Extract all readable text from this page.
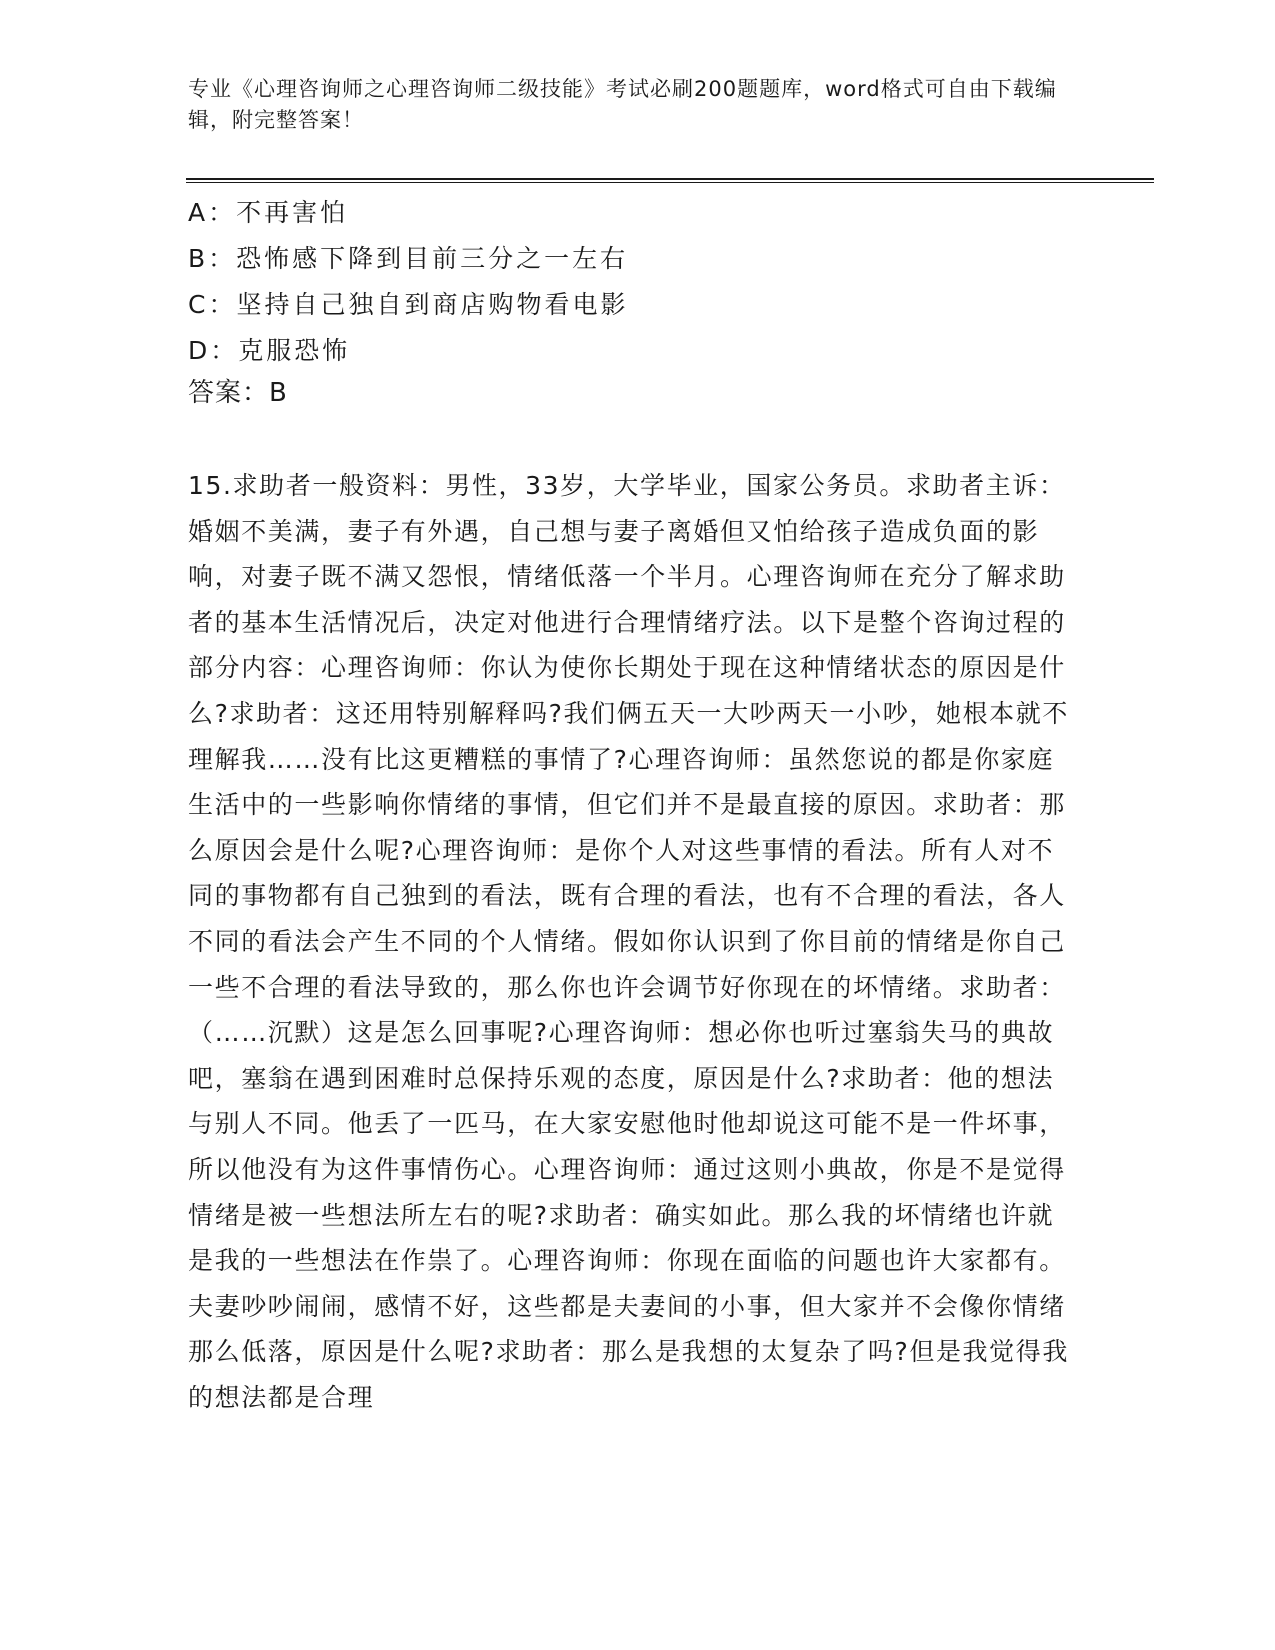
专业《心理咨询师之心理咨询师二级技能》考试必刷200题题库，word格式可自由下载编辑，附完整答案！
A：不再害怕
B：恐怖感下降到目前三分之一左右
C：坚持自己独自到商店购物看电影
D：克服恐怖
答案：B
15.求助者一般资料：男性，33岁，大学毕业，国家公务员。求助者主诉：婚姻不美满，妻子有外遇，自己想与妻子离婚但又怕给孩子造成负面的影响，对妻子既不满又怨恨，情绪低落一个半月。心理咨询师在充分了解求助者的基本生活情况后，决定对他进行合理情绪疗法。以下是整个咨询过程的部分内容：心理咨询师：你认为使你长期处于现在这种情绪状态的原因是什么?求助者：这还用特别解释吗?我们俩五天一大吵两天一小吵，她根本就不理解我……没有比这更糟糕的事情了?心理咨询师：虽然您说的都是你家庭生活中的一些影响你情绪的事情，但它们并不是最直接的原因。求助者：那么原因会是什么呢?心理咨询师：是你个人对这些事情的看法。所有人对不同的事物都有自己独到的看法，既有合理的看法，也有不合理的看法，各人不同的看法会产生不同的个人情绪。假如你认识到了你目前的情绪是你自己一些不合理的看法导致的，那么你也许会调节好你现在的坏情绪。求助者：（……沉默）这是怎么回事呢?心理咨询师：想必你也听过塞翁失马的典故吧，塞翁在遇到困难时总保持乐观的态度，原因是什么?求助者：他的想法与别人不同。他丢了一匹马，在大家安慰他时他却说这可能不是一件坏事，所以他没有为这件事情伤心。心理咨询师：通过这则小典故，你是不是觉得情绪是被一些想法所左右的呢?求助者：确实如此。那么我的坏情绪也许就是我的一些想法在作祟了。心理咨询师：你现在面临的问题也许大家都有。夫妻吵吵闹闹，感情不好，这些都是夫妻间的小事，但大家并不会像你情绪那么低落，原因是什么呢?求助者：那么是我想的太复杂了吗?但是我觉得我的想法都是合理
